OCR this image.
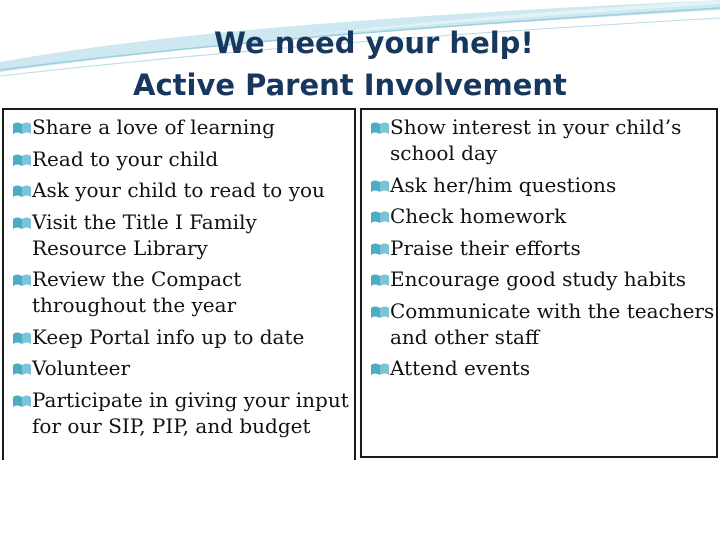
We need your help!
Active Parent Involvement
Share a love of learning
Read to your child
Ask your child to read to you
Visit the Title I Family Resource Library
Review the Compact throughout the year
Keep Portal info up to date
Volunteer
Participate in giving your input for our SIP, PIP, and budget
Show interest in your child’s school day
Ask her/him questions
Check homework
Praise their efforts
Encourage good study habits
Communicate with the teachers and other staff
Attend events
